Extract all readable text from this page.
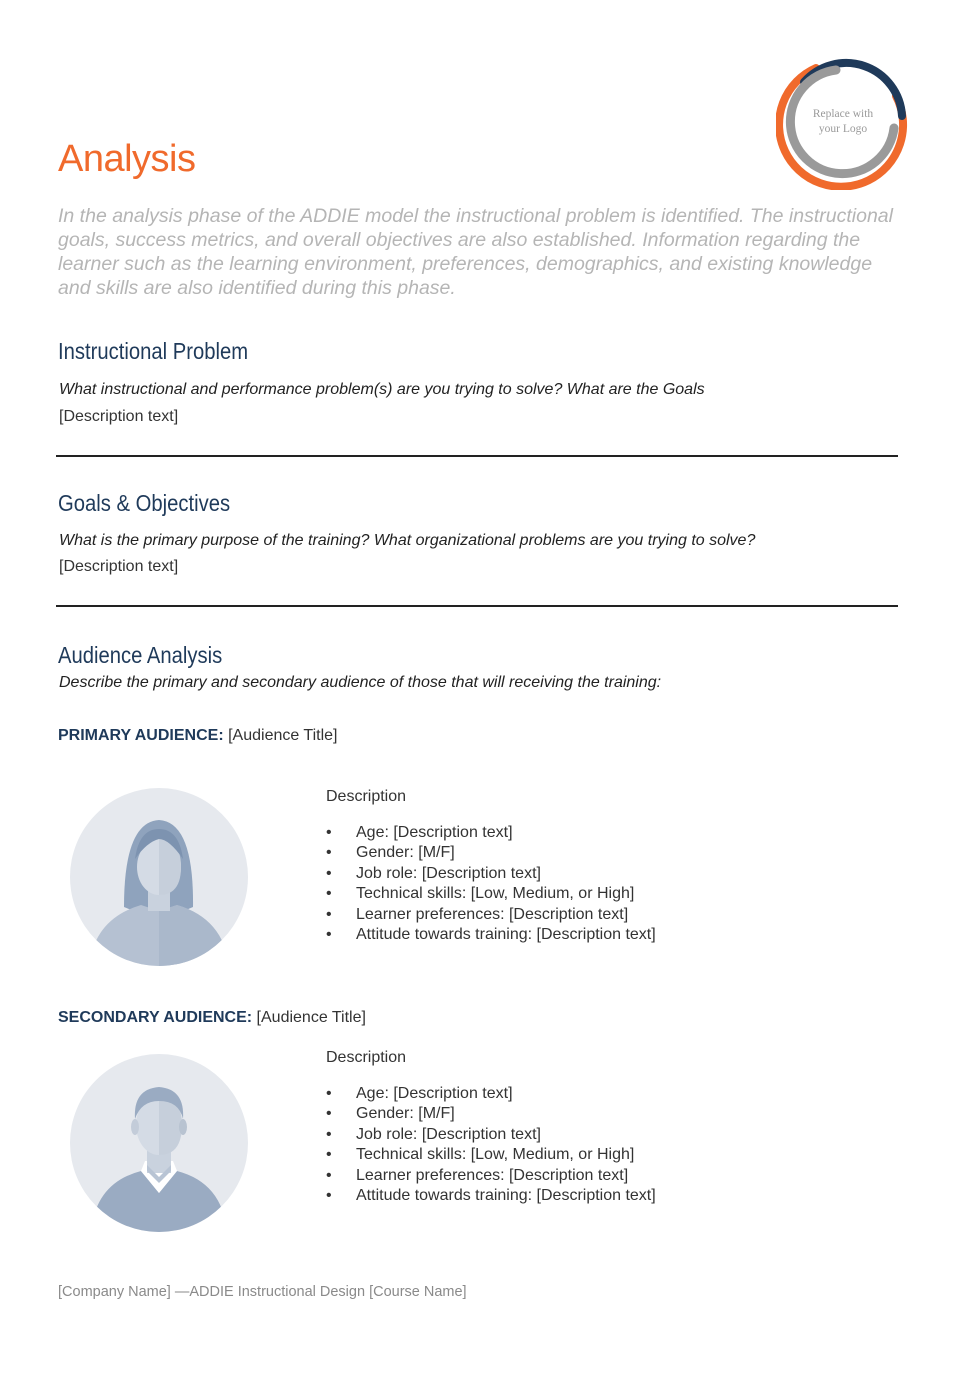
Replace with
your Logo
Analysis
In the analysis phase of the ADDIE model the instructional problem is identified. The instructional goals, success metrics, and overall objectives are also established. Information regarding the learner such as the learning environment, preferences, demographics, and existing knowledge and skills are also identified during this phase.
Instructional Problem
What instructional and performance problem(s) are you trying to solve? What are the Goals
[Description text]
Goals & Objectives
What is the primary purpose of the training? What organizational problems are you trying to solve?
[Description text]
Audience Analysis
Describe the primary and secondary audience of those that will receiving the training:
PRIMARY AUDIENCE: [Audience Title]
Description
• Age: [Description text]
• Gender: [M/F]
• Job role: [Description text]
• Technical skills: [Low, Medium, or High]
• Learner preferences: [Description text]
• Attitude towards training: [Description text]
SECONDARY AUDIENCE: [Audience Title]
Description
• Age: [Description text]
• Gender: [M/F]
• Job role: [Description text]
• Technical skills: [Low, Medium, or High]
• Learner preferences: [Description text]
• Attitude towards training: [Description text]
[Company Name] —ADDIE Instructional Design [Course Name]
